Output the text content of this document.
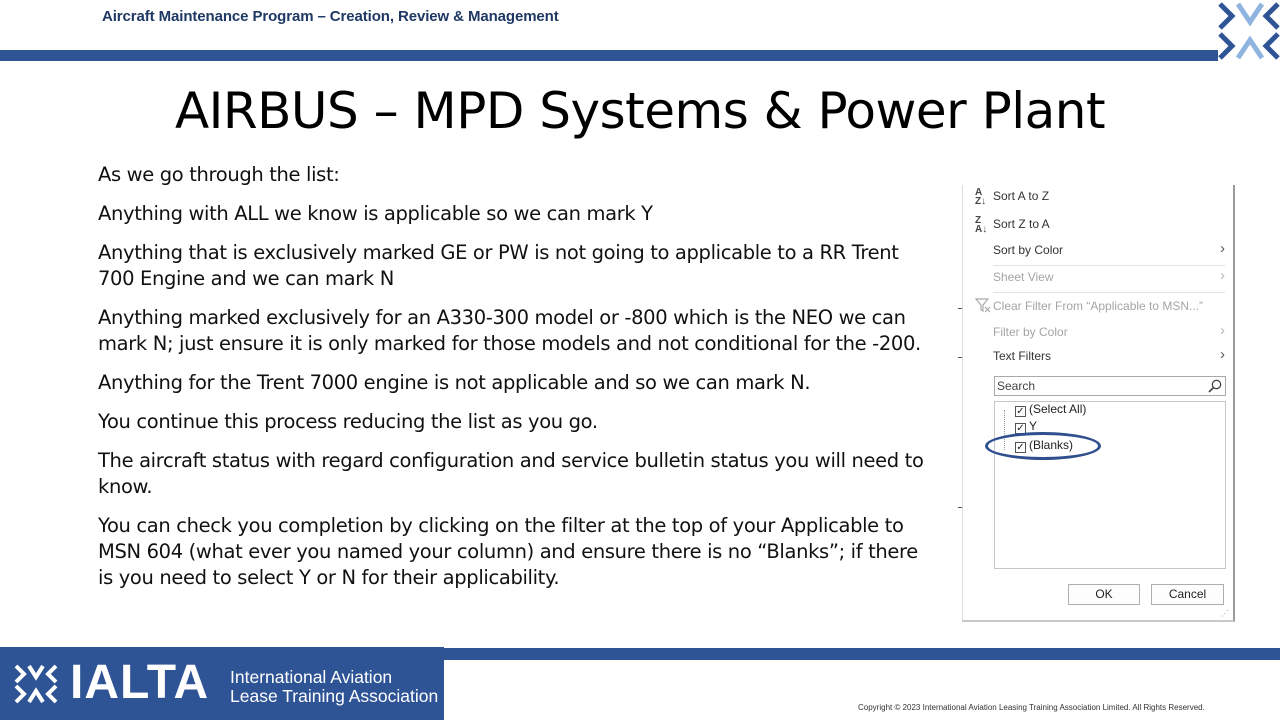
Aircraft Maintenance Program – Creation, Review & Management
AIRBUS – MPD Systems & Power Plant

As we go through the list:

Anything with ALL we know is applicable so we can mark Y

Anything that is exclusively marked GE or PW is not going to applicable to a RR Trent 700 Engine and we can mark N

Anything marked exclusively for an A330-300 model or -800 which is the NEO we can mark N; just ensure it is only marked for those models and not conditional for the -200.

Anything for the Trent 7000 engine is not applicable and so we can mark N.

You continue this process reducing the list as you go.

The aircraft status with regard configuration and service bulletin status you will need to know.

You can check you completion by clicking on the filter at the top of your Applicable to MSN 604 (what ever you named your column) and ensure there is no “Blanks”; if there is you need to select Y or N for their applicability.

A
Z↓ Sort A to Z
Z
A↓ Sort Z to A
Sort by Color	›
Sheet View	›
Clear Filter From “Applicable to MSN...”
Filter by Color	›
Text Filters	›
Search
✓ (Select All)
✓ Y
✓ (Blanks)
OK	Cancel
⋰
IALTA International Aviation
Lease Training Association
Copyright © 2023 International Aviation Leasing Training Association Limited. All Rights Reserved.
